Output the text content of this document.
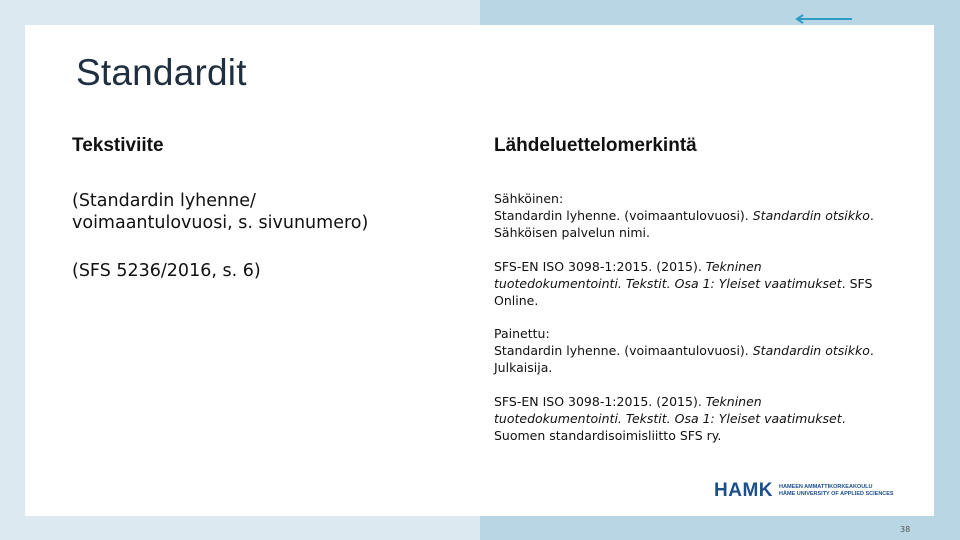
Standardit
Tekstiviite	Lähdeluettelomerkintä
(Standardin lyhenne/
voimaantulovuosi, s. sivunumero)
(SFS 5236/2016, s. 6)
Sähköinen:
Standardin lyhenne. (voimaantulovuosi). Standardin otsikko. Sähköisen palvelun nimi.
SFS-EN ISO 3098-1:2015. (2015). Tekninen tuotedokumentointi. Tekstit. Osa 1: Yleiset vaatimukset. SFS Online.
Painettu:
Standardin lyhenne. (voimaantulovuosi). Standardin otsikko. Julkaisija.
SFS-EN ISO 3098-1:2015. (2015). Tekninen tuotedokumentointi. Tekstit. Osa 1: Yleiset vaatimukset. Suomen standardisoimisliitto SFS ry.
HAMK HAMEEN AMMATTIKORKEAKOULU
HÄME UNIVERSITY OF APPLIED SCIENCES
38
